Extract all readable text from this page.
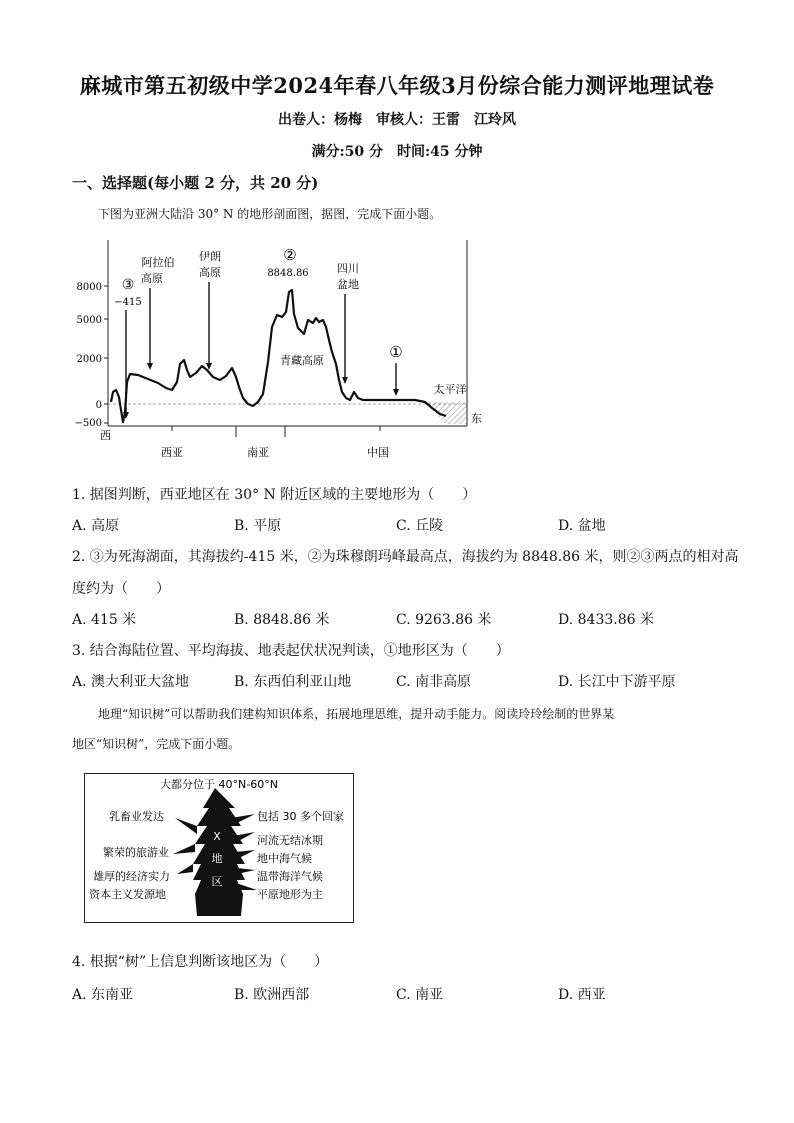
麻城市第五初级中学2024年春八年级3月份综合能力测评地理试卷
出卷人：杨梅　审核人：王雷　江玲风
满分:50 分　时间:45 分钟
一、选择题(每小题 2 分，共 20 分)
下图为亚洲大陆沿 30° N 的地形剖面图，据图，完成下面小题。
8000
5000
2000
0
−500
西
东
西亚	南亚	中国
③
−415
阿拉伯
高原
伊朗
高原
②
8848.86
青藏高原
四川
盆地
①
太平洋
1. 据图判断，西亚地区在 30° N 附近区域的主要地形为（　　）
A. 高原	B. 平原	C. 丘陵	D. 盆地
2. ③为死海湖面，其海拔约-415 米，②为珠穆朗玛峰最高点，海拔约为 8848.86 米，则②③两点的相对高
度约为（　　）
A. 415 米	B. 8848.86 米	C. 9263.86 米	D. 8433.86 米
3. 结合海陆位置、平均海拔、地表起伏状况判读，①地形区为（　　）
A. 澳大利亚大盆地	B. 东西伯利亚山地	C. 南非高原	D. 长江中下游平原
地理“知识树”可以帮助我们建构知识体系，拓展地理思维，提升动手能力。阅读玲玲绘制的世界某
地区“知识树”，完成下面小题。
大都分位于 40°N-60°N
X
地
区
乳畜业发达
繁荣的旅游业
雄厚的经济实力
资本主义发源地
包括 30 多个回家
河流无结冰期
地中海气候
温带海洋气候
平原地形为主
4. 根据“树”上信息判断该地区为（　　）
A. 东南亚	B. 欧洲西部	C. 南亚	D. 西亚
